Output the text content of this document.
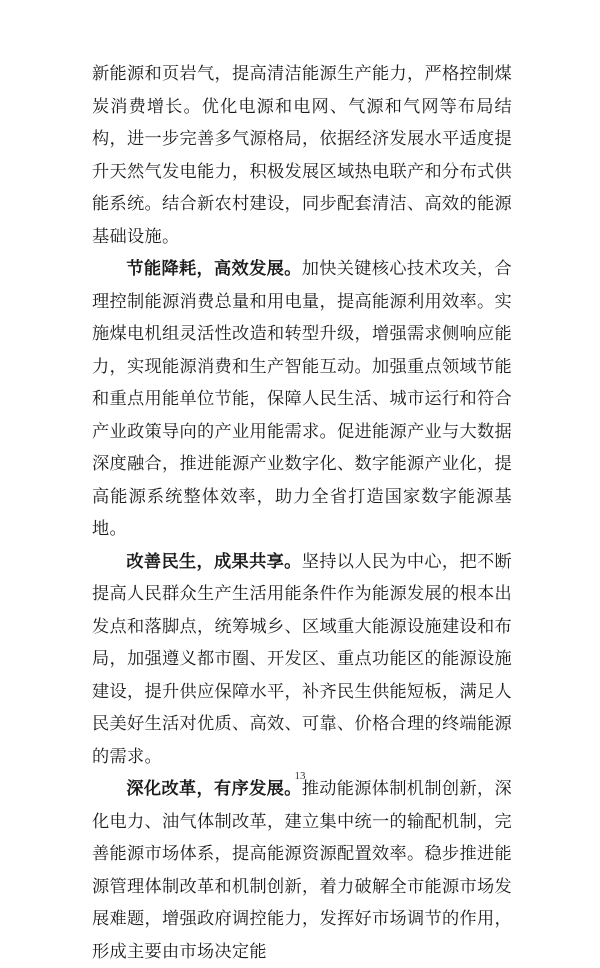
新能源和页岩气，提高清洁能源生产能力，严格控制煤炭消费增长。优化电源和电网、气源和气网等布局结构，进一步完善多气源格局，依据经济发展水平适度提升天然气发电能力，积极发展区域热电联产和分布式供能系统。结合新农村建设，同步配套清洁、高效的能源基础设施。

节能降耗，高效发展。加快关键核心技术攻关，合理控制能源消费总量和用电量，提高能源利用效率。实施煤电机组灵活性改造和转型升级，增强需求侧响应能力，实现能源消费和生产智能互动。加强重点领域节能和重点用能单位节能，保障人民生活、城市运行和符合产业政策导向的产业用能需求。促进能源产业与大数据深度融合，推进能源产业数字化、数字能源产业化，提高能源系统整体效率，助力全省打造国家数字能源基地。

改善民生，成果共享。坚持以人民为中心，把不断提高人民群众生产生活用能条件作为能源发展的根本出发点和落脚点，统筹城乡、区域重大能源设施建设和布局，加强遵义都市圈、开发区、重点功能区的能源设施建设，提升供应保障水平，补齐民生供能短板，满足人民美好生活对优质、高效、可靠、价格合理的终端能源的需求。

深化改革，有序发展。推动能源体制机制创新，深化电力、油气体制改革，建立集中统一的输配机制，完善能源市场体系，提高能源资源配置效率。稳步推进能源管理体制改革和机制创新，着力破解全市能源市场发展难题，增强政府调控能力，发挥好市场调节的作用，形成主要由市场决定能

13
